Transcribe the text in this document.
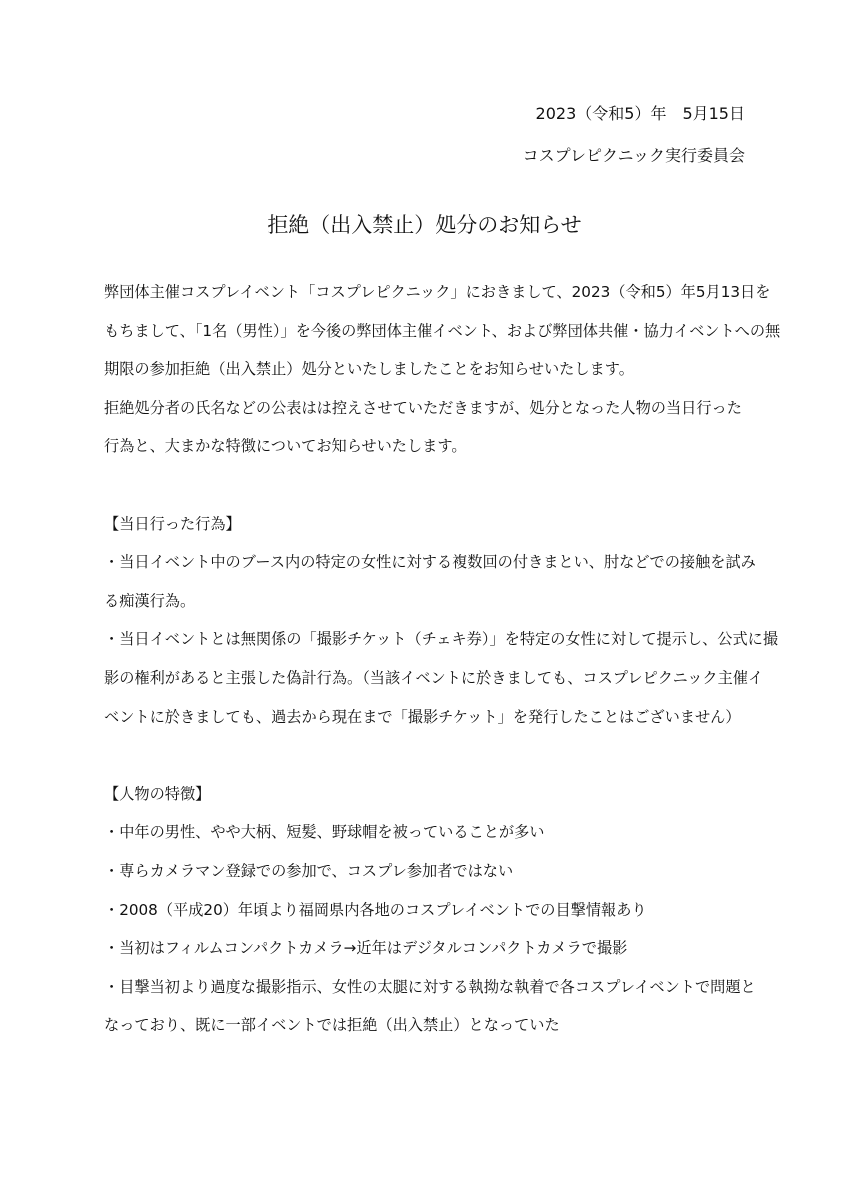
2023（令和5）年　5月15日
コスプレピクニック実行委員会
拒絶（出入禁止）処分のお知らせ
弊団体主催コスプレイベント「コスプレピクニック」におきまして、2023（令和5）年5月13日を
もちまして、「1名（男性）」を今後の弊団体主催イベント、および弊団体共催・協力イベントへの無
期限の参加拒絶（出入禁止）処分といたしましたことをお知らせいたします。
拒絶処分者の氏名などの公表はは控えさせていただきますが、処分となった人物の当日行った
行為と、大まかな特徴についてお知らせいたします。
【当日行った行為】
・当日イベント中のブース内の特定の女性に対する複数回の付きまとい、肘などでの接触を試み
る痴漢行為。
・当日イベントとは無関係の「撮影チケット（チェキ券）」を特定の女性に対して提示し、公式に撮
影の権利があると主張した偽計行為。（当該イベントに於きましても、コスプレピクニック主催イ
ベントに於きましても、過去から現在まで「撮影チケット」を発行したことはございません）
【人物の特徴】
・中年の男性、やや大柄、短髪、野球帽を被っていることが多い
・専らカメラマン登録での参加で、コスプレ参加者ではない
・2008（平成20）年頃より福岡県内各地のコスプレイベントでの目撃情報あり
・当初はフィルムコンパクトカメラ→近年はデジタルコンパクトカメラで撮影
・目撃当初より過度な撮影指示、女性の太腿に対する執拗な執着で各コスプレイベントで問題と
なっており、既に一部イベントでは拒絶（出入禁止）となっていた
